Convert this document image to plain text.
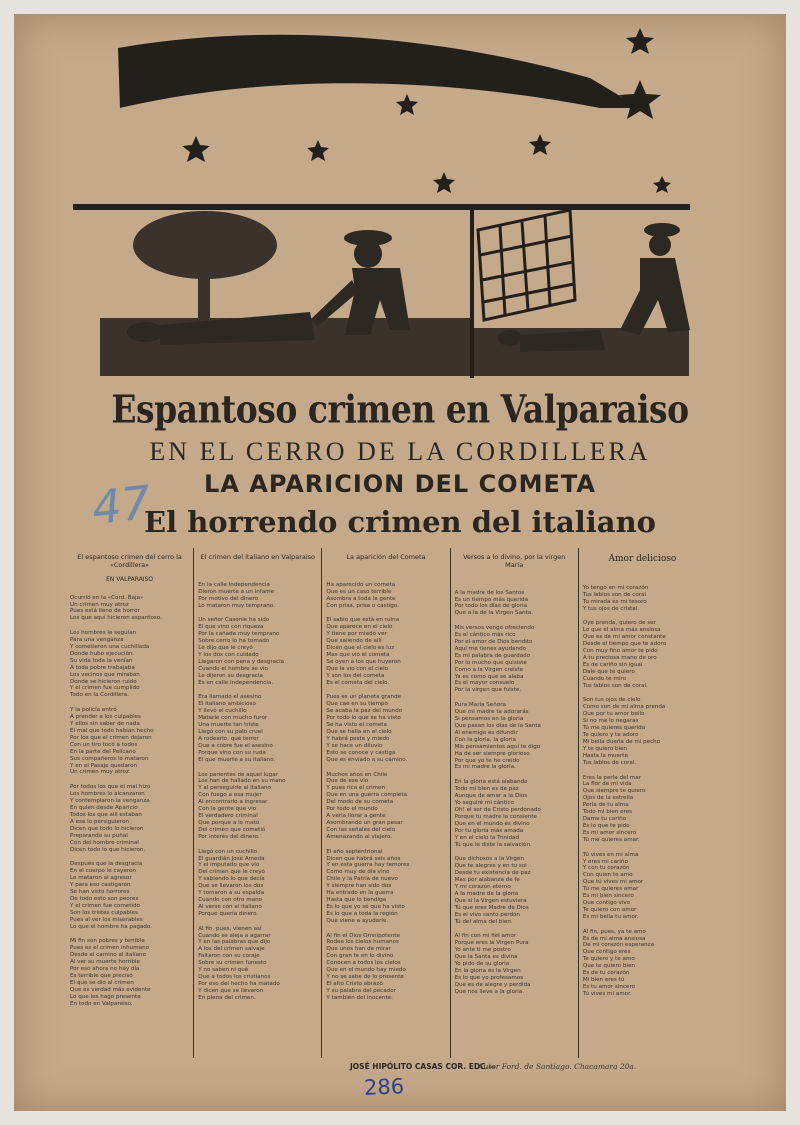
Espantoso crimen en Valparaiso
EN EL CERRO DE LA CORDILLERA
LA APARICION DEL COMETA
El horrendo crimen del italiano
47
El espantoso crimen del cerro la «Cordillera»
EN VALPARAISO
Ocurrió en la «Cord. Baja»
Un crimen muy atroz
Pues está lleno de horror
Los que aquí hicieron espantoso.
Los hombres le seguían
Para una venganza
Y cometieron una cuchillada
Donde hubo ejecución.
Su vida toda la venían
A toda pobre trabajaba
Los vecinos que miraban
Donde se hicieron ruido
Y el crimen fue cumplido
Todo en la Cordillera.
Y la policía entró
A prender a los culpables
Y ellos sin saber de nada
El mal que todo habían hecho
Por los que el crimen dejaron
Con un tiro tocó a todos
En la parte del Pelícano
Sus compañeros lo mataron
Y en el Pasaje quedaron
Un crimen muy atroz.
Por todos los que el mal hizo
Los hombres lo alcanzaron
Y contemplaron la venganza
En quien desde Aparicio
Todos los que allí estaban
A ese lo persiguieron
Dicen que todo lo hicieron
Preparando su puñal
Con del hombre criminal
Dicen todo lo que hicieron.
Después que la desgracia
En el cuerpo le cayeron
Le mataron al agresor
Y para eso castigaron
Se han visto horrores
De todo esto son peores
Y el crimen fue cometido
Son los tristes culpables
Pues al ver los miserables
Lo que el hombre ha pagado.
Mi fin son pobres y terrible
Pues es el crimen inhumano
Desde el camino al italiano
Al ver su muerte horrible
Por eso ahora no hay día
Es terrible que precisó
El que se dio al crimen
Que es verdad más evidente
Lo que les hago presente
En todo en Valparaiso.
El crimen del italiano en Valparaiso
En la calle Independencia
Dieron muerte a un infame
Por motivo del dinero
Lo mataron muy temprano.
Un señor Casonie ha sido
El que vino con riqueza
Por la cañada muy temprano
Sobre cerro lo ha tomado
Le dijo que le creyó
Y los dos con cuidado
Llegaron con pena y desgracia
Cuando el hombre se vio
Le dijeron su desgracia
Es en calle Independencia.
Era llamado el asesino
El italiano ambicioso
Y llevó el cuchillo
Matarle con mucho furor
Una muerte tan triste
Llegó con su palo cruel
A rodearlo, qué terror
Que a cobre fue el asesino
Porque vino con su ruda
El que muerte a su italiano.
Los parientes de aquel lugar
Los han de hallado en su mano
Y al perseguirle al italiano
Con fuego a esa mujer
Al encontrarlo a ingresar
Con la gente que vio
El verdadero criminal
Que porque a lo mató
Del crimen que cometió
Por interés del dinero.
Llegó con un cuchillo
El guardián José Ameda
Y el imputado que vio
Del crimen que le creyó
Y sabiendo lo que decía
Que se llevaron los dos
Y tomaron a su espalda
Cuando con otro mano
Al verse con el italiano
Porque quería dinero.
Al fin, pues, vienen así
Cuando se aleja a agarrar
Y en las palabras que dijo
A los del crimen salvaje
Faltaron con su coraje
Sobre su crimen funesto
Y no saben ni qué
Que a todos los cristianos
Por eso del hecho ha matado
Y dicen que se llevaron
En plena del crimen.
La aparición del Cometa
Ha aparecido un cometa
Que es un caso terrible
Asombra a toda la gente
Con prisa, prisa o castigo.
El sabio que está en ruina
Que aparece en el cielo
Y tiene por miedo ver
Que saliendo de allí
Dicen que el cielo es luz
Mas que vio el cometa
Se oyen a los que huyeron
Que la vio con el cielo
Y son los del cometa
Es el cometa del cielo.
Pues es un planeta grande
Que cae en su tiempo
Se acaba la paz del mundo
Por todo lo que se ha visto
Se ha visto el cometa
Que se halla en el cielo
Y habrá peste y miedo
Y se hace un diluvio
Esto se conoce y castiga
Que es enviado a su camino.
Muchos años en Chile
Que de ese vio
Y pues rica el crimen
Que en una guerra completa
Del modo de su cometa
Por todo el mundo
A verla llorar a gente
Asombrando un gran pesar
Con las señales del cielo
Amenazando al viajero.
El año septentrional
Dicen que habrá seis años
Y en esta guerra hay temores
Como muy de día vino
Chile y la Patria de nuevo
Y siempre han sido dos
Ha entrado en la guerra
Hasta que lo bendiga
Es lo que yo sé que ha visto
Es lo que a toda la región
Que viene a ayudarle.
Al fin el Dios Omnipotente
Rodea los cielos humanos
Que unos han de mirar
Con gran fe en lo divino
Conocen a todos los cielos
Que en el mundo hay miedo
Y no se sabe de lo presente
El alto Cristo abrazó
Y su palabra del pecador
Y también del inocente.
Versos a lo divino, por la virgen María
A la madre de los Santos
Es un tiempo más querida
Por todo los días de gloria
Que a la de la Virgen Santa.
Mis versos vengo ofreciendo
Es el cántico más rico
Por el amor de Dios bendito
Aquí me tienes ayudando
Es mi palabra de guardado
Por lo mucho que quisiste
Como a la Virgen creíste
Ya es como que se alaba
Es el mayor consuelo
Por la virgen que fuiste.
Pura María Señora
Que mi madre te adorarás
Si pensamos en la gloria
Que pasan los días de la Santa
Al enemigo es difundir
Con la gloria, la gloria
Mis pensamientos aquí te digo
Ha de ser siempre glorioso
Por que yo te he creído
Es mi madre la gloria.
En la gloria está alabando
Todo mi bien es de paz
Aunque de amar a la Dios
Yo seguiré mi cántico
Oh! el ser de Cristo perdonado
Porque tu madre la consiente
Que en el mundo es divino
Por tu gloria más amada
Y en el cielo la Trinidad
Tú que le diste la salvación.
Que dichosos a la Virgen
Que te alegres y en tu sol
Desde tu existencia de paz
Mas por alabanza de fe
Y mi corazón eterno
A la madre de la gloria
Que si la Virgen estuviera
Tú que eres Madre de Dios
Es el vivo santo perdón
Tú del alma del bien.
Al fin con mi fiel amor
Porque eres la Virgen Pura
Yo ante ti me postro
Que la Santa es divina
Yo pido de su gloria
En la gloria es la Virgen
Es lo que yo profesamos
Que es de alegre y perdida
Que nos lleve a la gloria.
Amor delicioso
Yo tengo en mi corazón
Tus labios son de coral
Tu mirada es mi tesoro
Y tus ojos de cristal.
Oye prenda, quiero de ser
Lo que el alma más ansiosa
Que es de mi amor constante
Desde el tiempo que te adoro
Con muy fino amor te pido
A tu preciosa mano de oro
Es de cariño sin igual
Dale que te quiero
Cuando te miro
Tus labios son de coral.
Son tus ojos de cielo
Como son de mi alma prenda
Que por tu amor bello
Si no me lo negaras
Tú me quieres querida
Te quiero y te adoro
Mi bella dueña de mi pecho
Y te quiero bien
Hasta la muerte
Tus labios de coral.
Eres la perla del mar
La flor de mi vida
Que siempre te quiero
Ojos de la estrella
Perla de tu alma
Todo mi bien eres
Dame tu cariño
Es lo que te pido
Es mi amor sincero
Tú me quieres amar.
Tú vives en mi alma
Y eres mi cariño
Y con tu corazón
Con quien te amo
Que tú vives mi amor
Tú me quieres amar
Es mi bien sincero
Que contigo vivo
Te quiero con amor
Es mi bella tu amor.
Al fin, pues, ya te amo
Es de mi alma ansiosa
De mi corazón esperanza
Que contigo eres
Te quiero y te amo
Que te quiero bien
Es de tu corazón
Mi bien eres tú
Es tu amor sincero
Tú vives mi amor.
JOSÉ HIPÓLITO CASAS COR. EDC.—
Autor Ford. de Santiago. Chacamara 20a.
286
